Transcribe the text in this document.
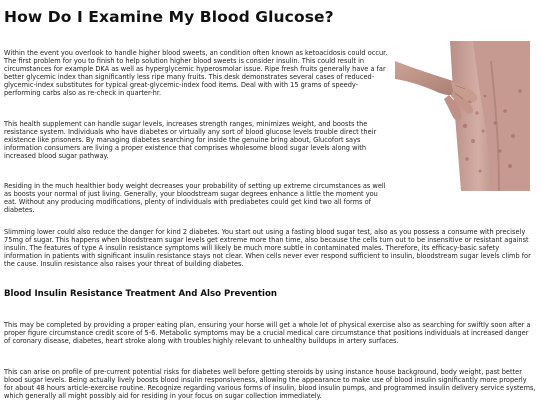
How Do I Examine My Blood Glucose?

Within the event you overlook to handle higher blood sweets, an condition often known as ketoacidosis could occur. The first problem for you to finish to help solution higher blood sweets is consider insulin. This could result in circumstances for example DKA as well as hyperglycemic hyperosmolar issue. Ripe fresh fruits generally have a far better glycemic index than significantly less ripe many fruits. This desk demonstrates several cases of reduced-glycemic-index substitutes for typical great-glycemic-index food items. Deal with with 15 grams of speedy-performing carbs also as re-check in quarter-hr.

This health supplement can handle sugar levels, increases strength ranges, minimizes weight, and boosts the resistance system. Individuals who have diabetes or virtually any sort of blood glucose levels trouble direct their existence like prisoners. By managing diabetes searching for inside the genuine bring about, Glucofort says information consumers are living a proper existence that comprises wholesome blood sugar levels along with increased blood sugar pathway.

Residing in the much healthier body weight decreases your probability of setting up extreme circumstances as well as boosts your normal of just living. Generally, your bloodstream sugar degrees enhance a little the moment you eat. Without any producing modifications, plenty of individuals with prediabetes could get kind two all forms of diabetes.

Slimming lower could also reduce the danger for kind 2 diabetes. You start out using a fasting blood sugar test, also as you possess a consume with precisely 75mg of sugar. This happens when bloodstream sugar levels get extreme more than time, also because the cells turn out to be insensitive or resistant against insulin. The features of type A insulin resistance symptoms will likely be much more subtle in contaminated males. Therefore, its efficacy-basic safety information in patients with significant insulin resistance stays not clear. When cells never ever respond sufficient to insulin, bloodstream sugar levels climb for the cause. Insulin resistance also raises your threat of building diabetes.

Blood Insulin Resistance Treatment And Also Prevention

This may be completed by providing a proper eating plan, ensuring your horse will get a whole lot of physical exercise also as searching for swiftly soon after a proper figure circumstance credit score of 5-6. Metabolic symptoms may be a crucial medical care circumstance that positions individuals at increased danger of coronary disease, diabetes, heart stroke along with troubles highly relevant to unhealthy buildups in artery surfaces.

This can arise on profile of pre-current potential risks for diabetes well before getting steroids by using instance house background, body weight, past better blood sugar levels. Being actually lively boosts blood insulin responsiveness, allowing the appearance to make use of blood insulin significantly more properly for about 48 hours article-exercise routine. Recognize regarding various forms of insulin, blood insulin pumps, and programmed insulin delivery service systems, which generally all might possibly aid for residing in your focus on sugar collection immediately.
